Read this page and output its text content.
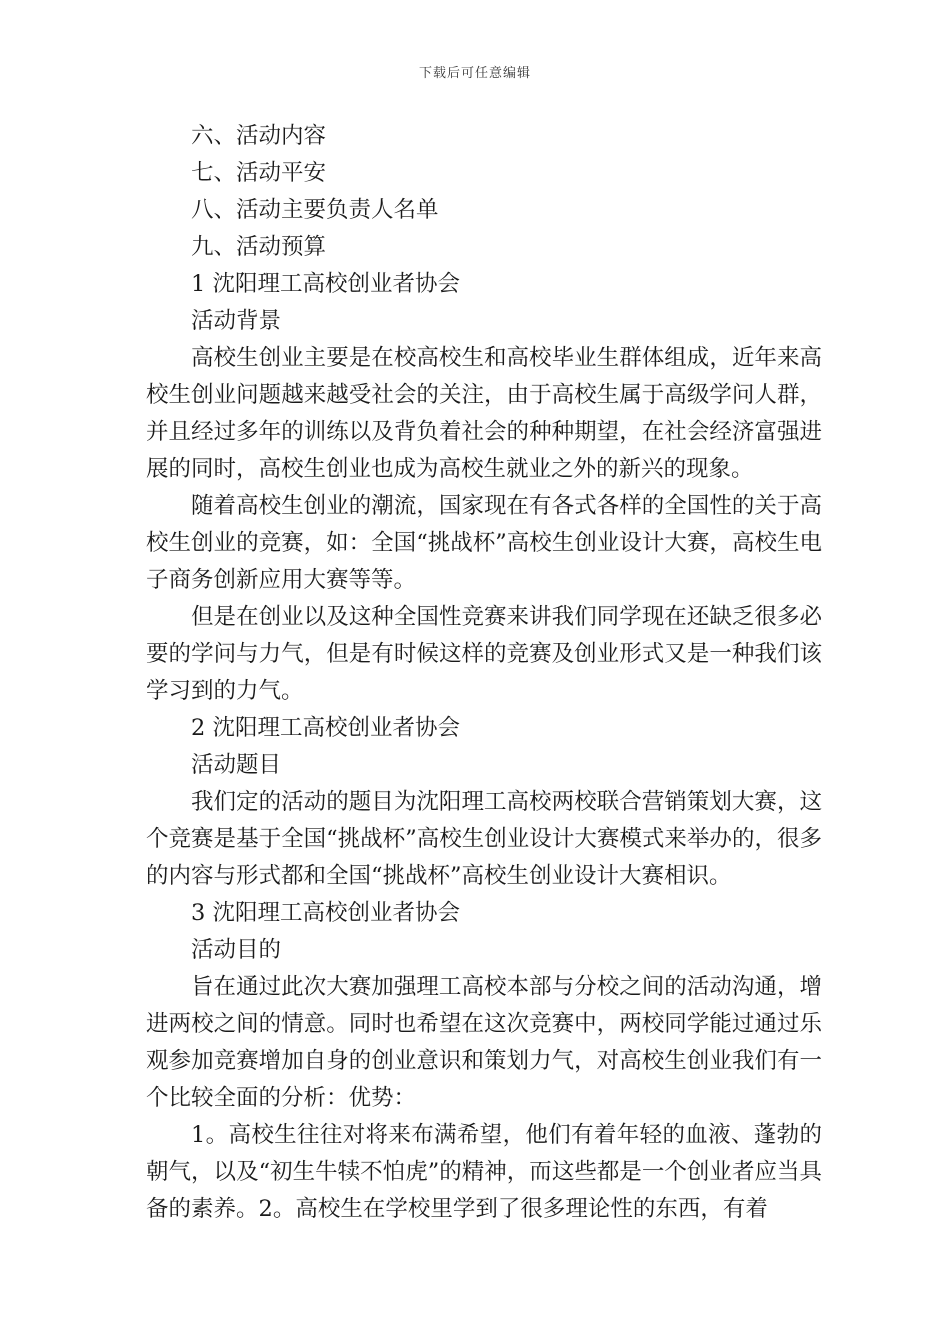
下载后可任意编辑
六、活动内容
七、活动平安
八、活动主要负责人名单
九、活动预算
1 沈阳理工高校创业者协会
活动背景
高校生创业主要是在校高校生和高校毕业生群体组成，近年来高校生创业问题越来越受社会的关注，由于高校生属于高级学问人群，并且经过多年的训练以及背负着社会的种种期望，在社会经济富强进展的同时，高校生创业也成为高校生就业之外的新兴的现象。
随着高校生创业的潮流，国家现在有各式各样的全国性的关于高校生创业的竞赛，如：全国“挑战杯”高校生创业设计大赛，高校生电子商务创新应用大赛等等。
但是在创业以及这种全国性竞赛来讲我们同学现在还缺乏很多必要的学问与力气，但是有时候这样的竞赛及创业形式又是一种我们该学习到的力气。
2 沈阳理工高校创业者协会
活动题目
我们定的活动的题目为沈阳理工高校两校联合营销策划大赛，这个竞赛是基于全国“挑战杯”高校生创业设计大赛模式来举办的，很多的内容与形式都和全国“挑战杯”高校生创业设计大赛相识。
3 沈阳理工高校创业者协会
活动目的
旨在通过此次大赛加强理工高校本部与分校之间的活动沟通，增进两校之间的情意。同时也希望在这次竞赛中，两校同学能过通过乐观参加竞赛增加自身的创业意识和策划力气，对高校生创业我们有一个比较全面的分析：优势：
1。高校生往往对将来布满希望，他们有着年轻的血液、蓬勃的朝气，以及“初生牛犊不怕虎”的精神，而这些都是一个创业者应当具备的素养。2。高校生在学校里学到了很多理论性的东西，有着
